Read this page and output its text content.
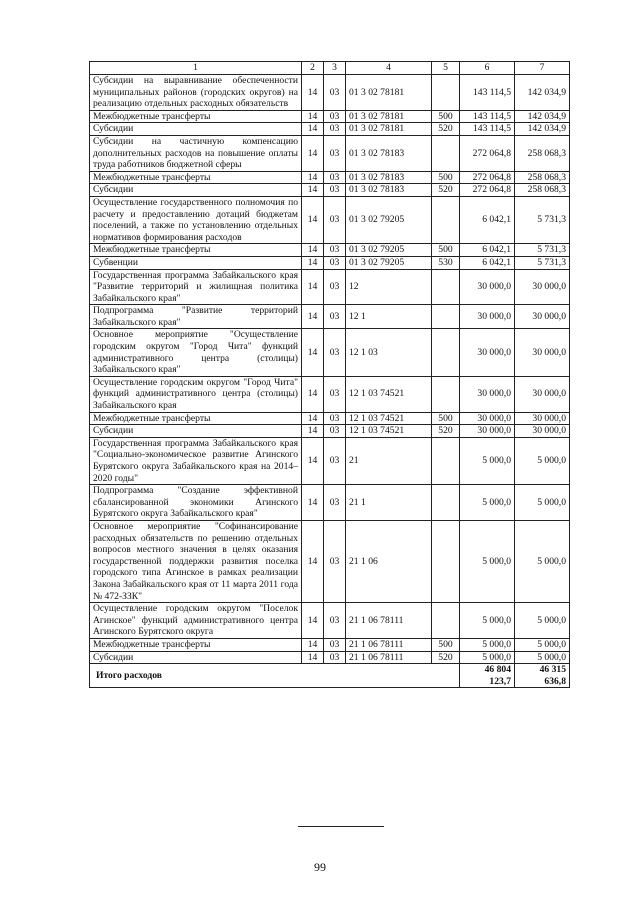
1	2	3	4	5	6	7
Субсидии на выравнивание обеспеченности муниципальных районов (городских округов) на реализацию отдельных расходных обязательств	14	03	01 3 02 78181		143 114,5	142 034,9
Межбюджетные трансферты	14	03	01 3 02 78181	500	143 114,5	142 034,9
Субсидии	14	03	01 3 02 78181	520	143 114,5	142 034,9
Субсидии на частичную компенсацию дополнительных расходов на повышение оплаты труда работников бюджетной сферы	14	03	01 3 02 78183		272 064,8	258 068,3
Межбюджетные трансферты	14	03	01 3 02 78183	500	272 064,8	258 068,3
Субсидии	14	03	01 3 02 78183	520	272 064,8	258 068,3
Осуществление государственного полномочия по расчету и предоставлению дотаций бюджетам поселений, а также по установлению отдельных нормативов формирования расходов	14	03	01 3 02 79205		6 042,1	5 731,3
Межбюджетные трансферты	14	03	01 3 02 79205	500	6 042,1	5 731,3
Субвенции	14	03	01 3 02 79205	530	6 042,1	5 731,3
Государственная программа Забайкальского края "Развитие территорий и жилищная политика Забайкальского края"	14	03	12		30 000,0	30 000,0
Подпрограмма "Развитие территорий Забайкальского края"	14	03	12 1		30 000,0	30 000,0
Основное мероприятие "Осуществление городским округом "Город Чита" функций административного центра (столицы) Забайкальского края"	14	03	12 1 03		30 000,0	30 000,0
Осуществление городским округом "Город Чита" функций административного центра (столицы) Забайкальского края	14	03	12 1 03 74521		30 000,0	30 000,0
Межбюджетные трансферты	14	03	12 1 03 74521	500	30 000,0	30 000,0
Субсидии	14	03	12 1 03 74521	520	30 000,0	30 000,0
Государственная программа Забайкальского края "Социально-экономическое развитие Агинского Бурятского округа Забайкальского края на 2014–2020 годы"	14	03	21		5 000,0	5 000,0
Подпрограмма "Создание эффективной сбалансированной экономики Агинского Бурятского округа Забайкальского края"	14	03	21 1		5 000,0	5 000,0
Основное мероприятие "Софинансирование расходных обязательств по решению отдельных вопросов местного значения в целях оказания государственной поддержки развития поселка городского типа Агинское в рамках реализации Закона Забайкальского края от 11 марта 2011 года № 472-ЗЗК"	14	03	21 1 06		5 000,0	5 000,0
Осуществление городским округом "Поселок Агинское" функций административного центра Агинского Бурятского округа	14	03	21 1 06 78111		5 000,0	5 000,0
Межбюджетные трансферты	14	03	21 1 06 78111	500	5 000,0	5 000,0
Субсидии	14	03	21 1 06 78111	520	5 000,0	5 000,0
Итого расходов					46 804 123,7	46 315 636,8
99
